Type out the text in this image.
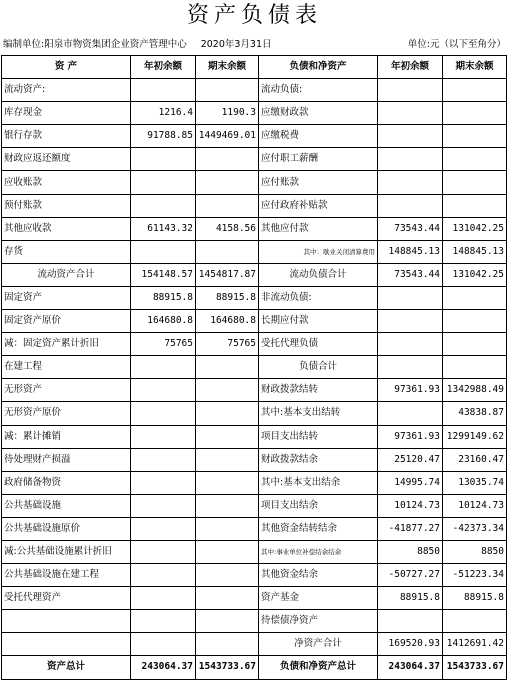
资产负债表
编制单位:阳泉市物资集团企业资产管理中心 2020年3月31日	单位:元（以下至角分）
资 产	年初余额	期末余额	负债和净资产	年初余额	期末余额
流动资产:			流动负债:		
库存现金	1216.4	1190.3	应缴财政款		
银行存款	91788.85	1449469.01	应缴税费		
财政应返还额度			应付职工薪酬		
应收账款			应付账款		
预付账款			应付政府补贴款		
其他应收款	61143.32	4158.56	其他应付款	73543.44	131042.25
存货			其中：歇业关闭清算费用	148845.13	148845.13
流动资产合计	154148.57	1454817.87	流动负债合计	73543.44	131042.25
固定资产	88915.8	88915.8	非流动负债:		
固定资产原价	164680.8	164680.8	长期应付款		
减：固定资产累计折旧	75765	75765	受托代理负债		
在建工程			负债合计		
无形资产			财政拨款结转	97361.93	1342988.49
无形资产原价			其中:基本支出结转		43838.87
减：累计摊销			项目支出结转	97361.93	1299149.62
待处理财产损溢			财政拨款结余	25120.47	23160.47
政府储备物资			其中:基本支出结余	14995.74	13035.74
公共基础设施			项目支出结余	10124.73	10124.73
公共基础设施原价			其他资金结转结余	-41877.27	-42373.34
减:公共基础设施累计折旧			其中:事业单位补偿结余结余	8850	8850
公共基础设施在建工程			其他资金结余	-50727.27	-51223.34
受托代理资产			资产基金	88915.8	88915.8
			待偿债净资产		
			净资产合计	169520.93	1412691.42
资产总计	243064.37	1543733.67	负债和净资产总计	243064.37	1543733.67
